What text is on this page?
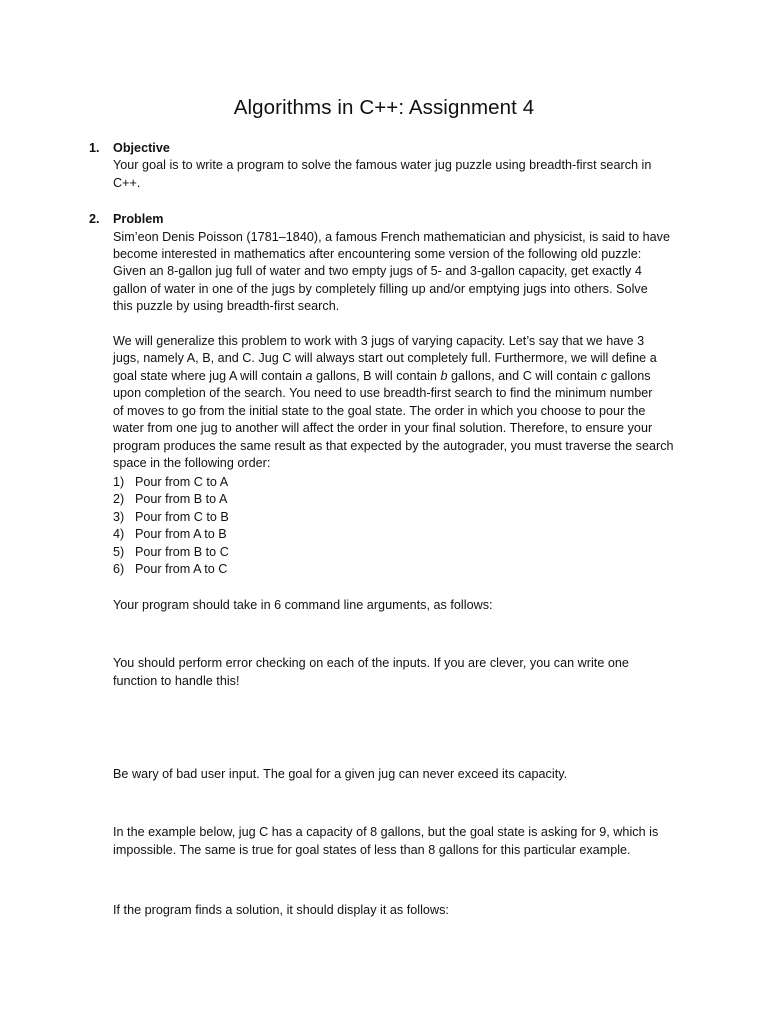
Algorithms in C++: Assignment 4
1. Objective
Your goal is to write a program to solve the famous water jug puzzle using breadth-first search in
C++.
2. Problem
Sim’eon Denis Poisson (1781–1840), a famous French mathematician and physicist, is said to have
become interested in mathematics after encountering some version of the following old puzzle:
Given an 8-gallon jug full of water and two empty jugs of 5- and 3-gallon capacity, get exactly 4
gallon of water in one of the jugs by completely filling up and/or emptying jugs into others. Solve
this puzzle by using breadth-first search.
We will generalize this problem to work with 3 jugs of varying capacity. Let’s say that we have 3
jugs, namely A, B, and C. Jug C will always start out completely full. Furthermore, we will define a
goal state where jug A will contain a gallons, B will contain b gallons, and C will contain c gallons
upon completion of the search. You need to use breadth-first search to find the minimum number
of moves to go from the initial state to the goal state. The order in which you choose to pour the
water from one jug to another will affect the order in your final solution. Therefore, to ensure your
program produces the same result as that expected by the autograder, you must traverse the search
space in the following order:
1) Pour from C to A
2) Pour from B to A
3) Pour from C to B
4) Pour from A to B
5) Pour from B to C
6) Pour from A to C
Your program should take in 6 command line arguments, as follows:
You should perform error checking on each of the inputs. If you are clever, you can write one
function to handle this!
Be wary of bad user input. The goal for a given jug can never exceed its capacity.
In the example below, jug C has a capacity of 8 gallons, but the goal state is asking for 9, which is
impossible. The same is true for goal states of less than 8 gallons for this particular example.
If the program finds a solution, it should display it as follows:
